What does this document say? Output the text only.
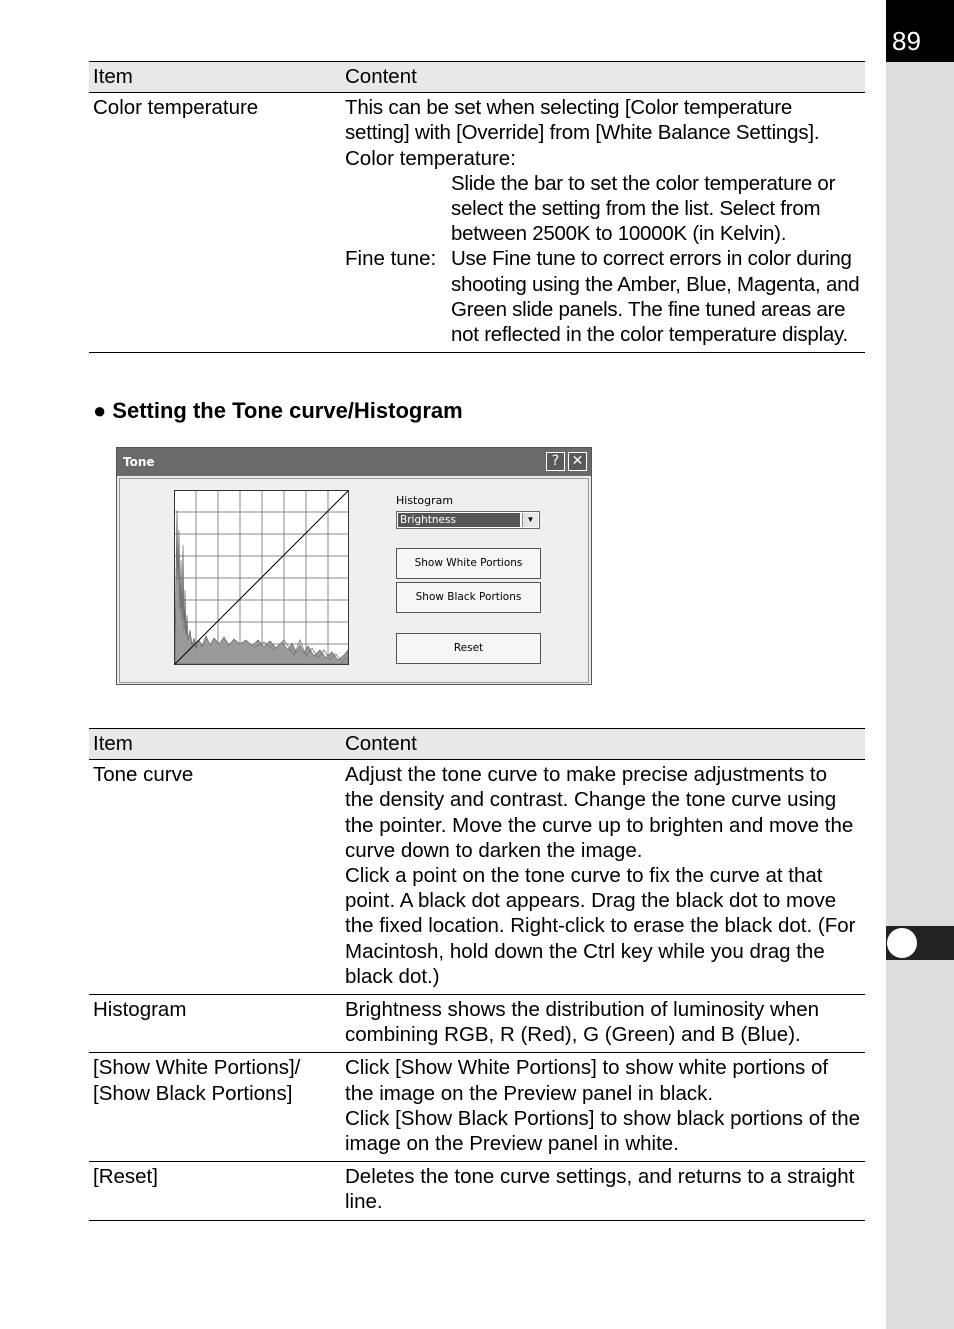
89
Item	Content
Color temperature	This can be set when selecting [Color temperature setting] with [Override] from [White Balance Settings].
Color temperature:
Slide the bar to set the color temperature or select the setting from the list. Select from between 2500K to 10000K (in Kelvin).
Fine tune: Use Fine tune to correct errors in color during shooting using the Amber, Blue, Magenta, and Green slide panels. The fine tuned areas are not reflected in the color temperature display.
● Setting the Tone curve/Histogram
Tone	? ✕
Histogram
Brightness	▼
Show White Portions
Show Black Portions
Reset
Item	Content
Tone curve	Adjust the tone curve to make precise adjustments to the density and contrast. Change the tone curve using the pointer. Move the curve up to brighten and move the curve down to darken the image.
Click a point on the tone curve to fix the curve at that point. A black dot appears. Drag the black dot to move the fixed location. Right-click to erase the black dot. (For Macintosh, hold down the Ctrl key while you drag the black dot.)

Histogram	Brightness shows the distribution of luminosity when combining RGB, R (Red), G (Green) and B (Blue).

[Show White Portions]/
[Show Black Portions]	Click [Show White Portions] to show white portions of the image on the Preview panel in black.
Click [Show Black Portions] to show black portions of the image on the Preview panel in white.

[Reset]	Deletes the tone curve settings, and returns to a straight line.
